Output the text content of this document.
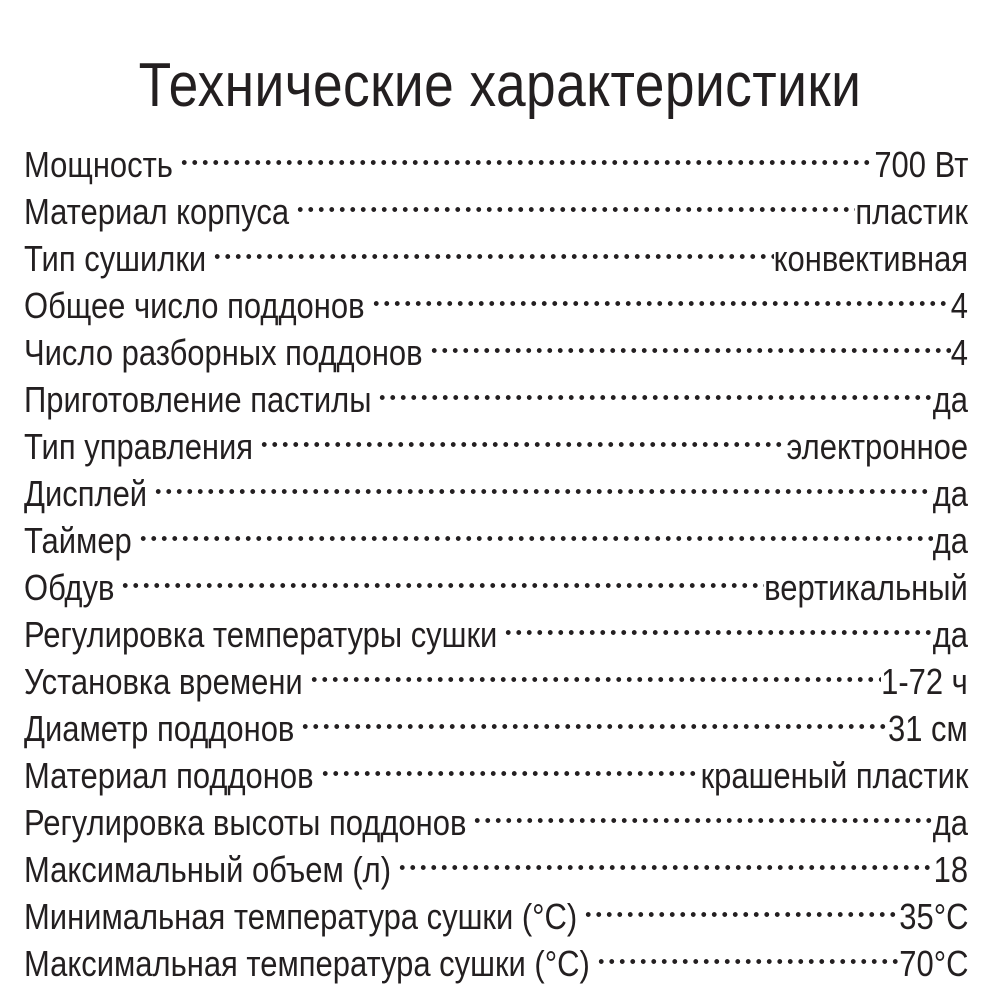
Технические характеристики
Мощность	700 Вт
Материал корпуса	пластик
Тип сушилки	конвективная
Общее число поддонов	4
Число разборных поддонов	4
Приготовление пастилы	да
Тип управления	электронное
Дисплей	да
Таймер	да
Обдув	вертикальный
Регулировка температуры сушки	да
Установка времени	1-72 ч
Диаметр поддонов	31 см
Материал поддонов	крашеный пластик
Регулировка высоты поддонов	да
Максимальный объем (л)	18
Минимальная температура сушки (°C)	35°C
Максимальная температура сушки (°C)	70°C
